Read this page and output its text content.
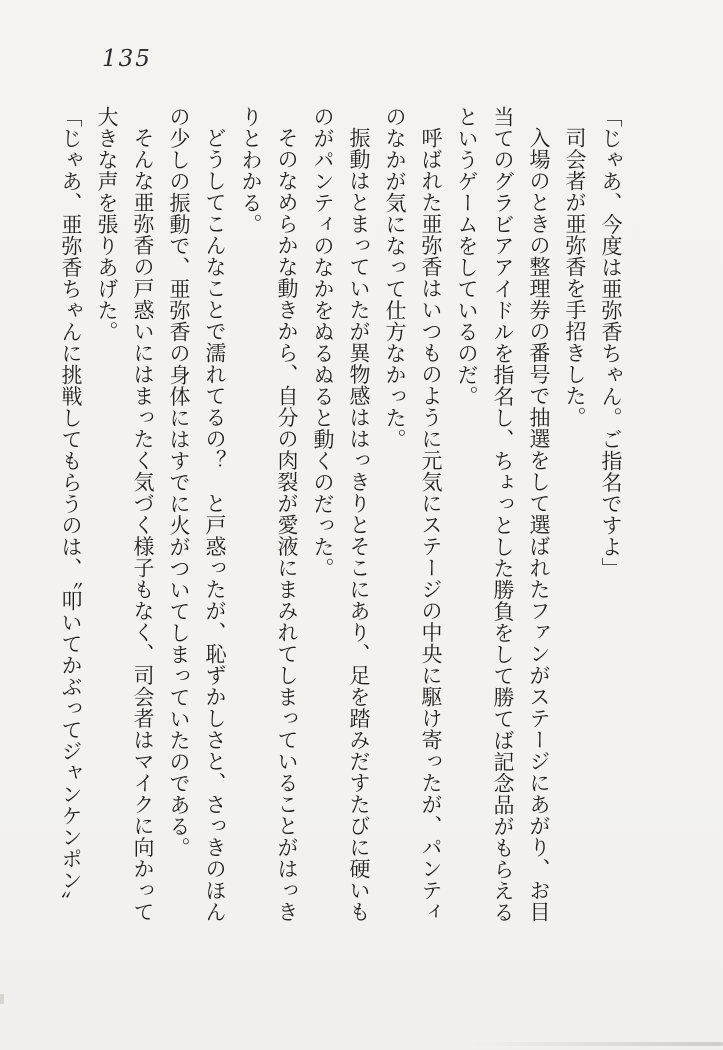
135

「じゃあ、今度は亜弥香ちゃん。ご指名ですよ」

司会者が亜弥香を手招きした。

入場のときの整理券の番号で抽選をして選ばれたファンがステージにあがり、お目当てのグラビアアイドルを指名し、ちょっとした勝負をして勝てば記念品がもらえるというゲームをしているのだ。

呼ばれた亜弥香はいつものように元気にステージの中央に駆け寄ったが、パンティのなかが気になって仕方なかった。

振動はとまっていたが異物感ははっきりとそこにあり、足を踏みだすたびに硬いものがパンティのなかをぬるぬると動くのだった。

そのなめらかな動きから、自分の肉裂が愛液にまみれてしまっていることがはっきりとわかる。

どうしてこんなことで濡れてるの？　と戸惑ったが、恥ずかしさと、さっきのほんの少しの振動で、亜弥香の身体にはすでに火がついてしまっていたのである。

そんな亜弥香の戸惑いにはまったく気づく様子もなく、司会者はマイクに向かって大きな声を張りあげた。

「じゃあ、亜弥香ちゃんに挑戦してもらうのは、〝叩いてかぶってジャンケンポン〟
